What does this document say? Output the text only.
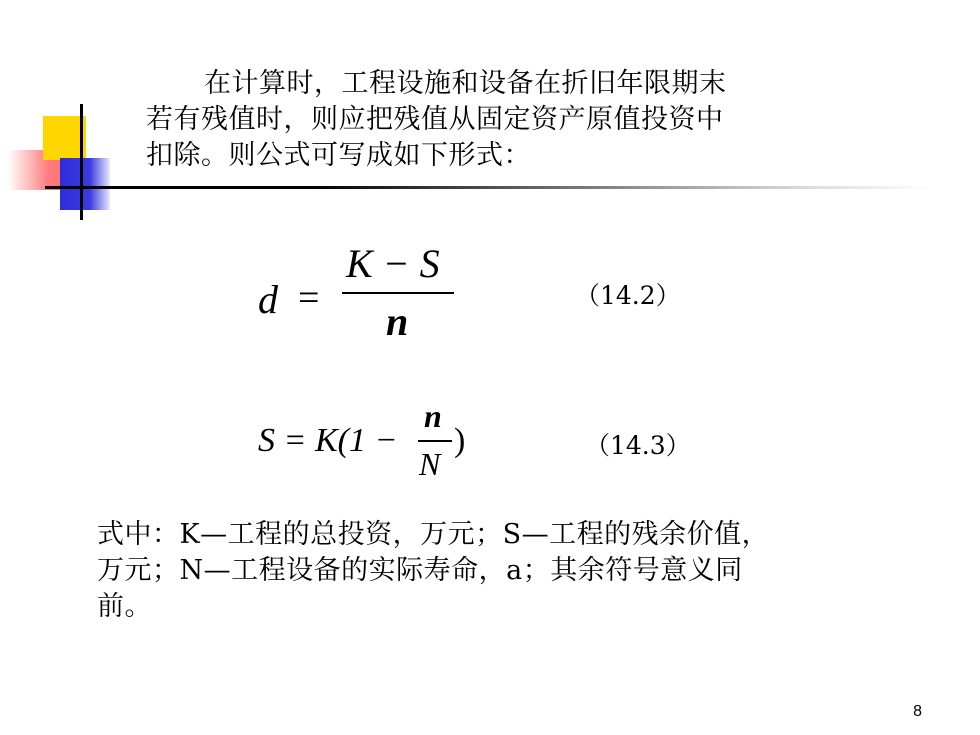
在计算时，工程设施和设备在折旧年限期末
若有残值时，则应把残值从固定资产原值投资中
扣除。则公式可写成如下形式：
d =
K − S
n
（14.2）
S = K(1 −
n
N
)	（14.3）
式中：K—工程的总投资，万元；S—工程的残余价值，
万元；N—工程设备的实际寿命，a；其余符号意义同
前。
8
